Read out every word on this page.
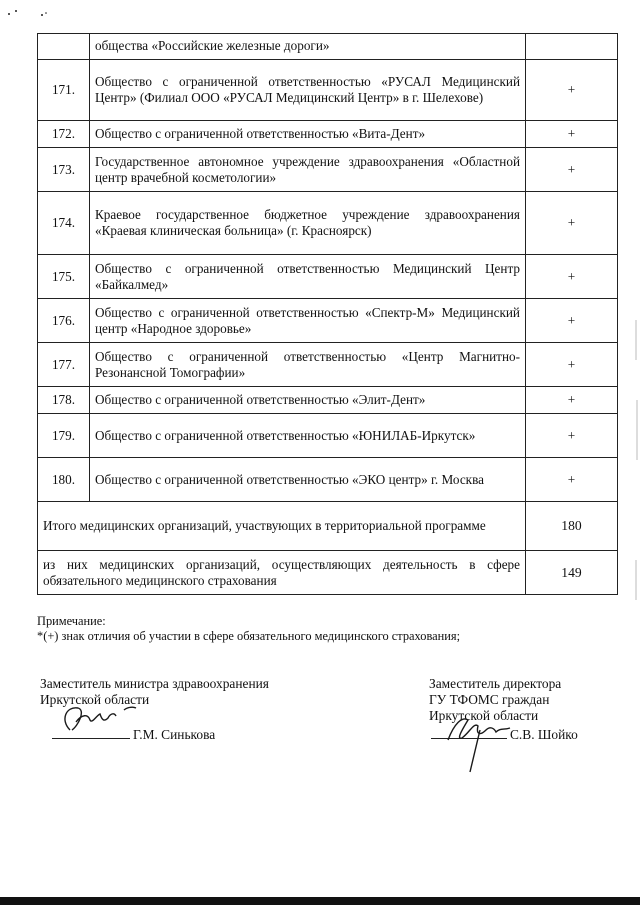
	общества «Российские железные дороги»	
171.	Общество с ограниченной ответственностью «РУСАЛ Медицинский Центр» (Филиал ООО «РУСАЛ Медицинский Центр» в г. Шелехове)	+
172.	Общество с ограниченной ответственностью «Вита-Дент»	+
173.	Государственное автономное учреждение здравоохранения «Областной центр врачебной косметологии»	+
174.	Краевое государственное бюджетное учреждение здравоохранения «Краевая клиническая больница» (г. Красноярск)	+
175.	Общество с ограниченной ответственностью Медицинский Центр «Байкалмед»	+
176.	Общество с ограниченной ответственностью «Спектр-М» Медицинский центр «Народное здоровье»	+
177.	Общество с ограниченной ответственностью «Центр Магнитно-Резонансной Томографии»	+
178.	Общество с ограниченной ответственностью «Элит-Дент»	+
179.	Общество с ограниченной ответственностью «ЮНИЛАБ-Иркутск»	+
180.	Общество с ограниченной ответственностью «ЭКО центр» г. Москва	+
Итого медицинских организаций, участвующих в территориальной программе		180
из них медицинских организаций, осуществляющих деятельность в сфере обязательного медицинского страхования		149
Примечание:
*(+) знак отличия об участии в сфере обязательного медицинского страхования;
Заместитель министра здравоохранения
Иркутской области
Г.М. Синькова
Заместитель директора
ГУ ТФОМС граждан
Иркутской области
С.В. Шойко
